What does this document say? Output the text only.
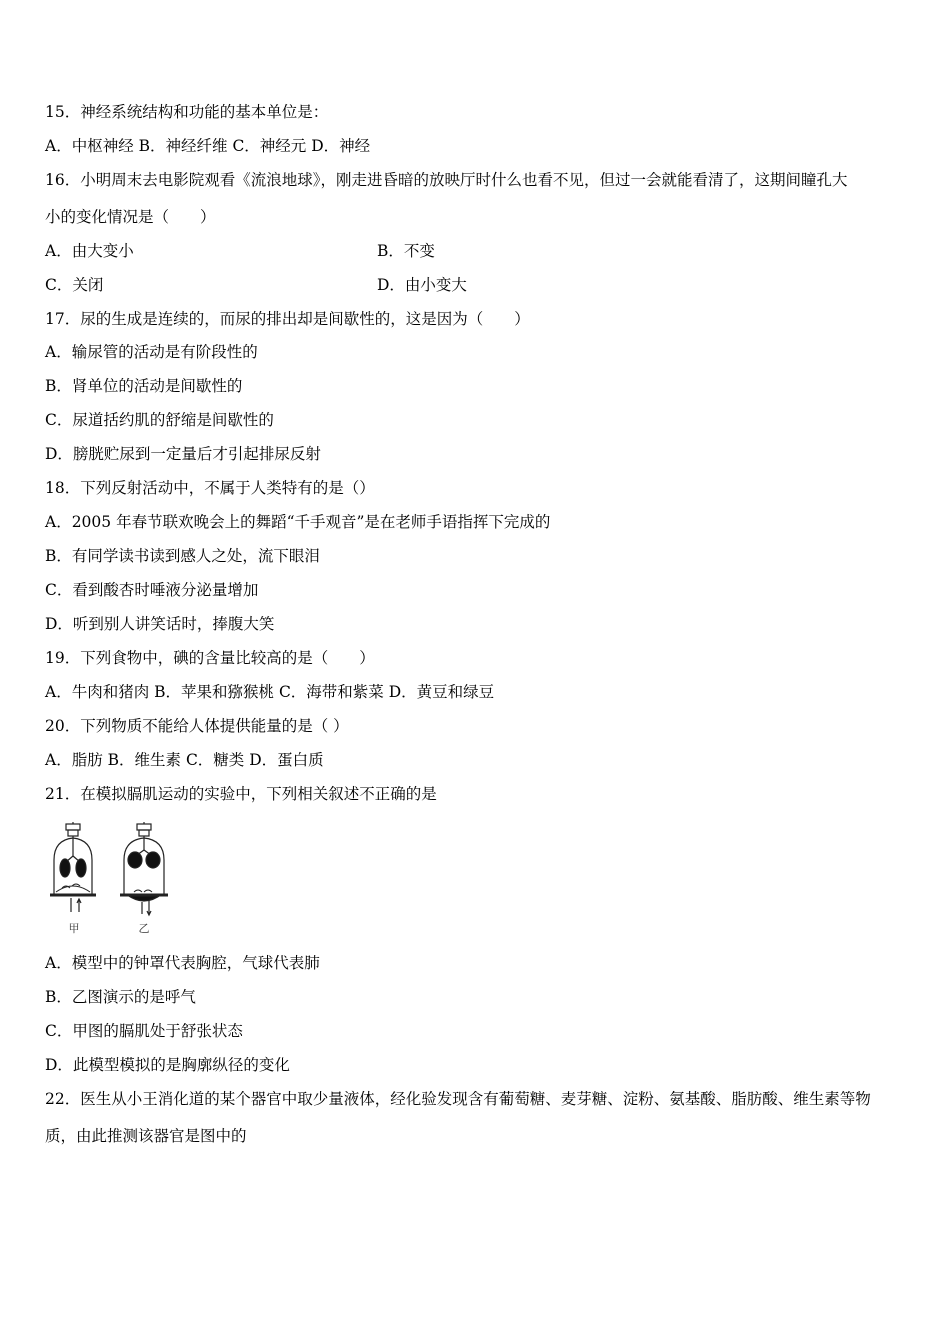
15．神经系统结构和功能的基本单位是：
A．中枢神经 B．神经纤维 C．神经元 D．神经
16．小明周末去电影院观看《流浪地球》，刚走进昏暗的放映厅时什么也看不见，但过一会就能看清了，这期间瞳孔大
小的变化情况是（　　）
A．由大变小	B．不变
C．关闭	D．由小变大
17．尿的生成是连续的，而尿的排出却是间歇性的，这是因为（　　）
A．输尿管的活动是有阶段性的
B．肾单位的活动是间歇性的
C．尿道括约肌的舒缩是间歇性的
D．膀胱贮尿到一定量后才引起排尿反射
18．下列反射活动中，不属于人类特有的是（）
A．2005 年春节联欢晚会上的舞蹈“千手观音”是在老师手语指挥下完成的
B．有同学读书读到感人之处，流下眼泪
C．看到酸杏时唾液分泌量增加
D．听到别人讲笑话时，捧腹大笑
19．下列食物中，碘的含量比较高的是（　　）
A．牛肉和猪肉 B．苹果和猕猴桃 C．海带和紫菜 D．黄豆和绿豆
20．下列物质不能给人体提供能量的是（ ）
A．脂肪 B．维生素 C．糖类 D．蛋白质
21．在模拟膈肌运动的实验中，下列相关叙述不正确的是
甲	乙
A．模型中的钟罩代表胸腔，气球代表肺
B．乙图演示的是呼气
C．甲图的膈肌处于舒张状态
D．此模型模拟的是胸廓纵径的变化
22．医生从小王消化道的某个器官中取少量液体，经化验发现含有葡萄糖、麦芽糖、淀粉、氨基酸、脂肪酸、维生素等物
质，由此推测该器官是图中的
